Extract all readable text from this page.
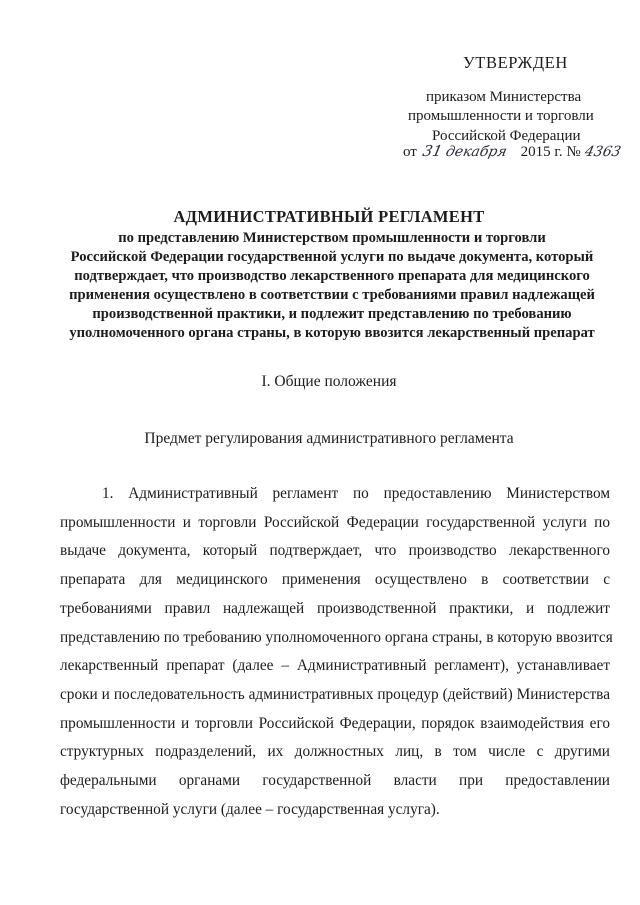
УТВЕРЖДЕН
приказом Министерства
промышленности и торговли
Российской Федерации
от 31декабря 2015 г. № 4363
АДМИНИСТРАТИВНЫЙ РЕГЛАМЕНТ
по представлению Министерством промышленности и торговли
Российской Федерации государственной услуги по выдаче документа, который
подтверждает, что производство лекарственного препарата для медицинского
применения осуществлено в соответствии с требованиями правил надлежащей
производственной практики, и подлежит представлению по требованию
уполномоченного органа страны, в которую ввозится лекарственный препарат
I. Общие положения
Предмет регулирования административного регламента
1. Административный регламент по предоставлению Министерством
промышленности и торговли Российской Федерации государственной услуги по
выдаче документа, который подтверждает, что производство лекарственного
препарата для медицинского применения осуществлено в соответствии с
требованиями правил надлежащей производственной практики, и подлежит
представлению по требованию уполномоченного органа страны, в которую ввозится
лекарственный препарат (далее – Административный регламент), устанавливает
сроки и последовательность административных процедур (действий) Министерства
промышленности и торговли Российской Федерации, порядок взаимодействия его
структурных подразделений, их должностных лиц, в том числе с другими
федеральными органами государственной власти при предоставлении
государственной услуги (далее – государственная услуга).
